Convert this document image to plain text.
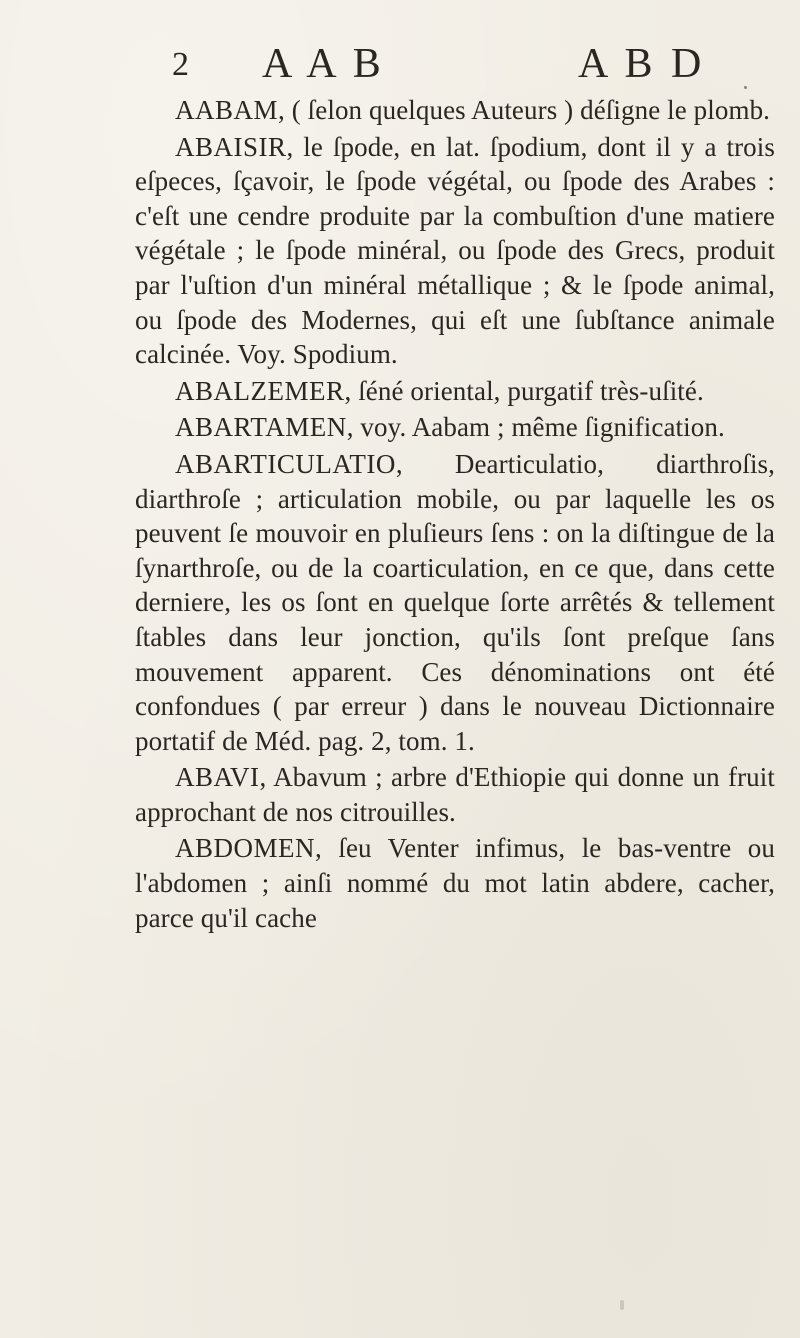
2 A A B	A B D

AABAM, ( ſelon quelques Auteurs ) déſigne le plomb.

ABAISIR, le ſpode, en lat. ſpodium, dont il y a trois eſpeces, ſçavoir, le ſpode végétal, ou ſpode des Arabes : c'eſt une cendre produite par la combuſtion d'une matiere végétale ; le ſpode minéral, ou ſpode des Grecs, produit par l'uſtion d'un minéral métallique ; & le ſpode animal, ou ſpode des Modernes, qui eſt une ſubſtance animale calcinée. Voy. Spodium.

ABALZEMER, ſéné oriental, purgatif très-uſité.

ABARTAMEN, voy. Aabam ; même ſignification.

ABARTICULATIO, Dearticulatio, diarthroſis, diarthroſe ; articulation mobile, ou par laquelle les os peuvent ſe mouvoir en pluſieurs ſens : on la diſtingue de la ſynarthroſe, ou de la coarticulation, en ce que, dans cette derniere, les os ſont en quelque ſorte arrêtés & tellement ſtables dans leur jonction, qu'ils ſont preſque ſans mouvement apparent. Ces dénominations ont été confondues ( par erreur ) dans le nouveau Dictionnaire portatif de Méd. pag. 2, tom. 1.

ABAVI, Abavum ; arbre d'Ethiopie qui donne un fruit approchant de nos citrouilles.

ABDOMEN, ſeu Venter infimus, le bas-ventre ou l'abdomen ; ainſi nommé du mot latin abdere, cacher, parce qu'il cache
